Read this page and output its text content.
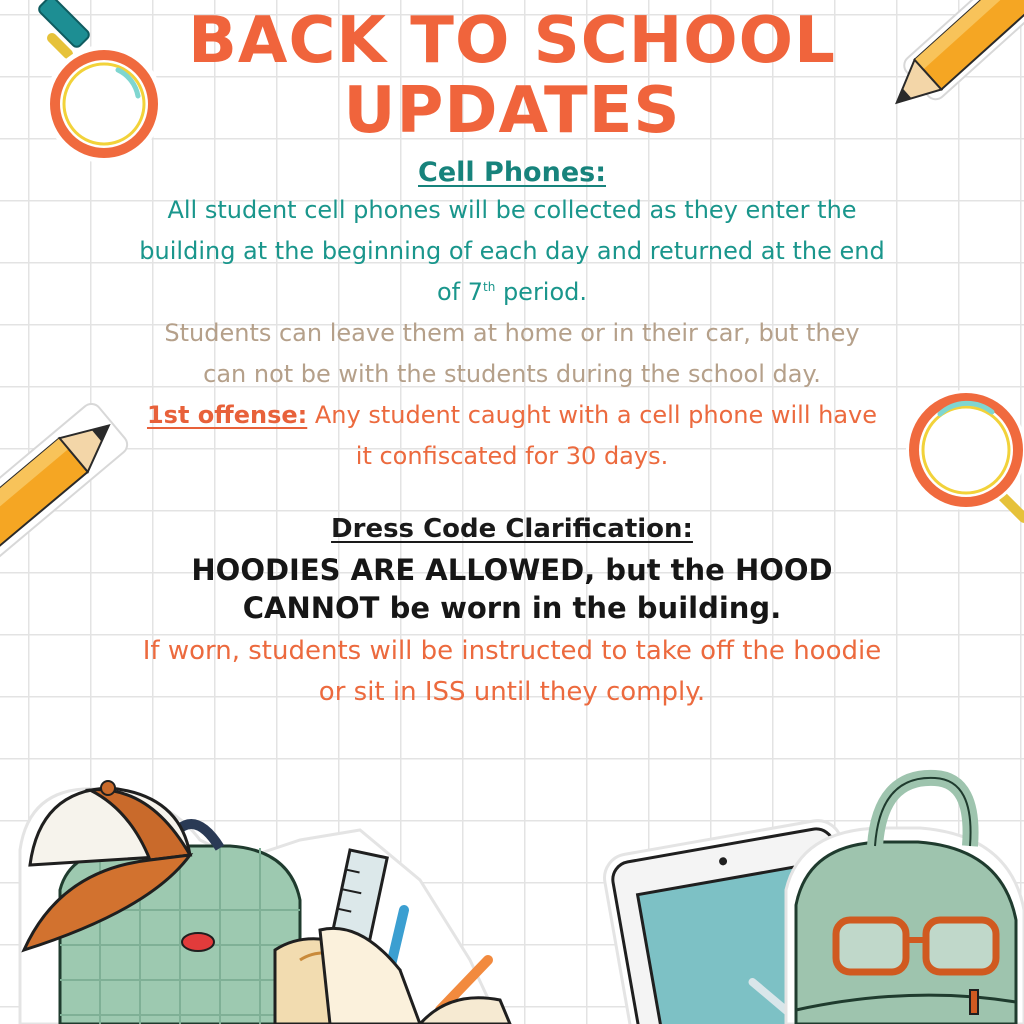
BACK TO SCHOOL
UPDATES
Cell Phones:
All student cell phones will be collected as they enter the building at the beginning of each day and returned at the end of 7th period.
Students can leave them at home or in their car, but they can not be with the students during the school day.
1st offense: Any student caught with a cell phone will have it confiscated for 30 days.
Dress Code Clarification:
HOODIES ARE ALLOWED, but the HOOD CANNOT be worn in the building.
If worn, students will be instructed to take off the hoodie or sit in ISS until they comply.
